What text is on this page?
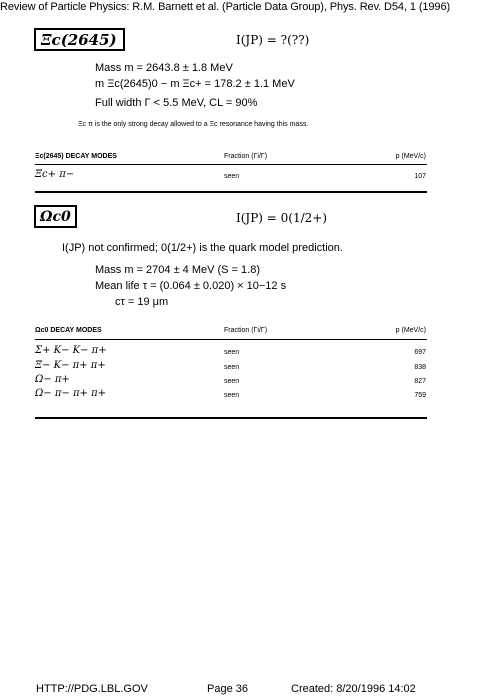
Review of Particle Physics: R.M. Barnett et al. (Particle Data Group), Phys. Rev. D54, 1 (1996)
Ξc(2645)	I(JP) = ?(??)
Mass m = 2643.8 ± 1.8 MeV
m Ξc(2645)0 − m Ξc+ = 178.2 ± 1.1 MeV
Full width Γ < 5.5 MeV, CL = 90%
Ξc π is the only strong decay allowed to a Ξc resonance having this mass.
Ξc(2645) DECAY MODES	Fraction (Γi/Γ)	p (MeV/c)
Ξc+ π−	seen	107
Ωc0	I(JP) = 0(1/2+)
I(JP) not confirmed; 0(1/2+) is the quark model prediction.
Mass m = 2704 ± 4 MeV (S = 1.8)
Mean life τ = (0.064 ± 0.020) × 10−12 s
cτ = 19 μm
Ωc0 DECAY MODES	Fraction (Γi/Γ)	p (MeV/c)
Σ+ K− K− π+	seen	697
Ξ− K− π+ π+	seen	838
Ω− π+	seen	827
Ω− π− π+ π+	seen	759
HTTP://PDG.LBL.GOV	Page 36	Created: 8/20/1996 14:02
